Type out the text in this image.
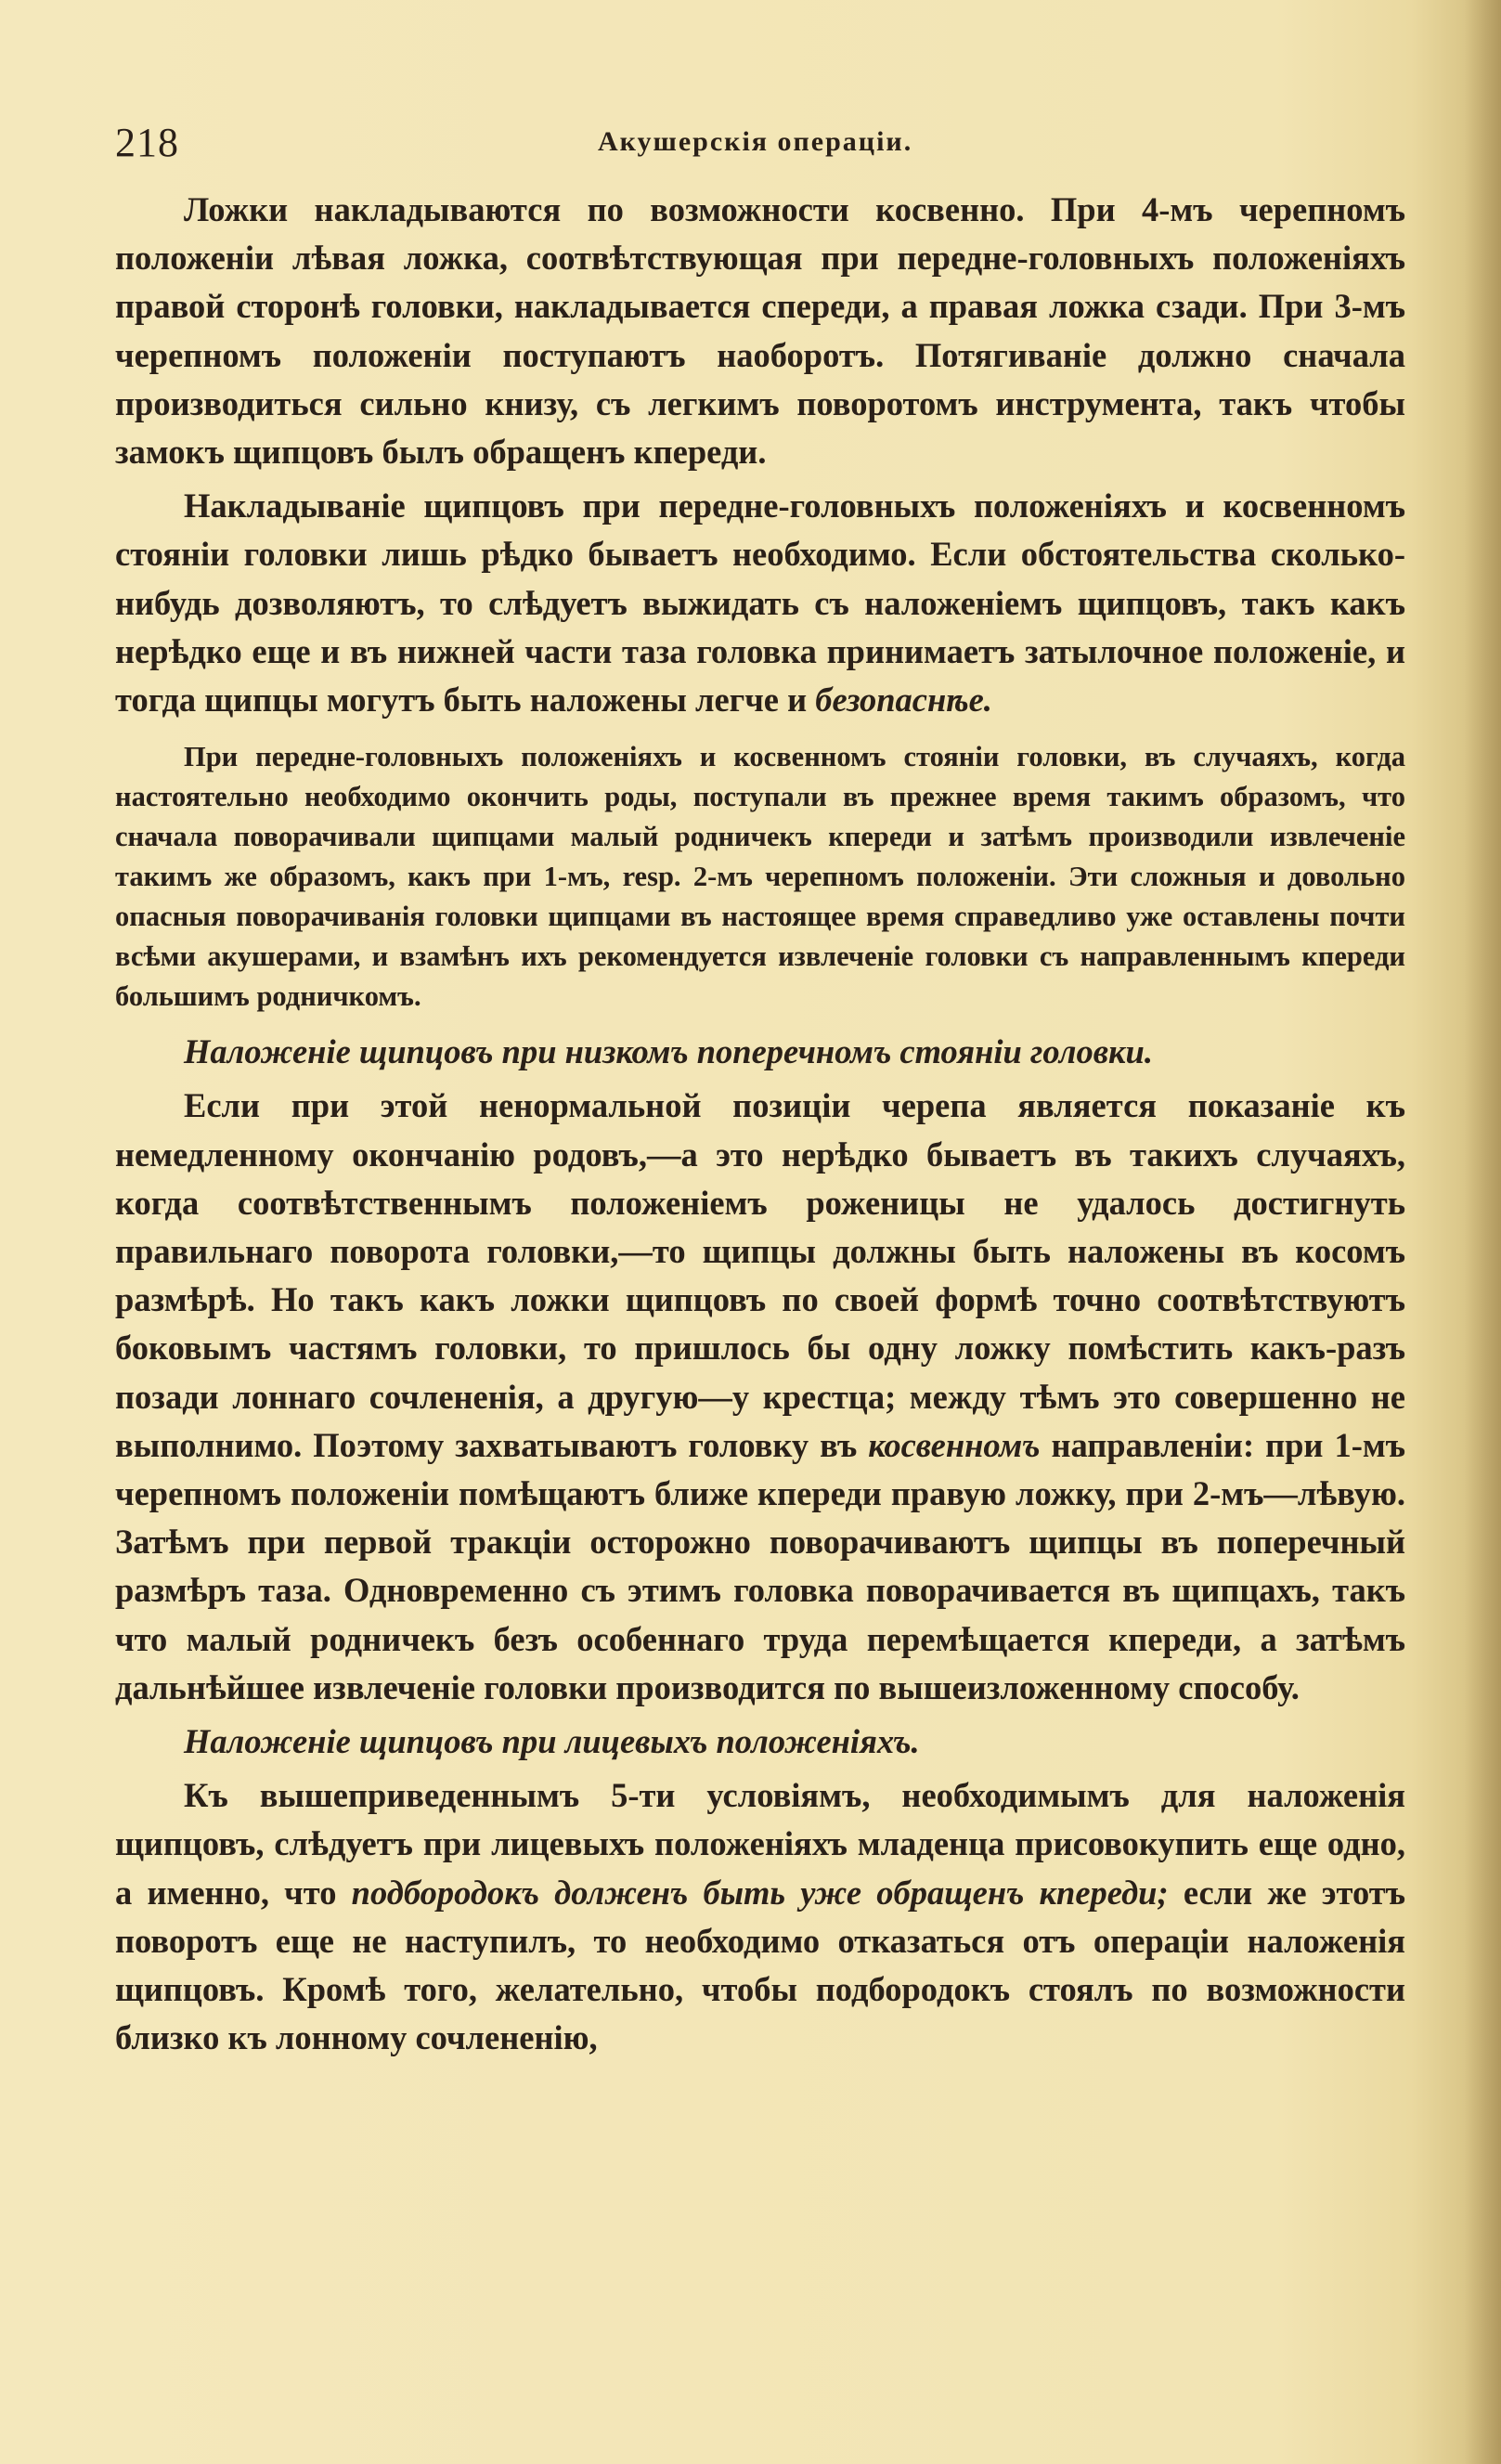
218	Акушерскія операціи.

Ложки накладываются по возможности косвенно. При 4-мъ черепномъ положеніи лѣвая ложка, соотвѣтствующая при передне-головныхъ положеніяхъ правой сторонѣ головки, накладывается спереди, а правая ложка сзади. При 3-мъ черепномъ положеніи поступаютъ наоборотъ. Потягиваніе должно сначала производиться сильно книзу, съ легкимъ поворотомъ инструмента, такъ чтобы замокъ щипцовъ былъ обращенъ кпереди.

Накладываніе щипцовъ при передне-головныхъ положеніяхъ и косвенномъ стояніи головки лишь рѣдко бываетъ необходимо. Если обстоятельства сколько-нибудь дозволяютъ, то слѣдуетъ выжидать съ наложеніемъ щипцовъ, такъ какъ нерѣдко еще и въ нижней части таза головка принимаетъ затылочное положеніе, и тогда щипцы могутъ быть наложены легче и безопаснѣе.

При передне-головныхъ положеніяхъ и косвенномъ стояніи головки, въ случаяхъ, когда настоятельно необходимо окончить роды, поступали въ прежнее время такимъ образомъ, что сначала поворачивали щипцами малый родничекъ кпереди и затѣмъ производили извлеченіе такимъ же образомъ, какъ при 1-мъ, resp. 2-мъ черепномъ положеніи. Эти сложныя и довольно опасныя поворачиванія головки щипцами въ настоящее время справедливо уже оставлены почти всѣми акушерами, и взамѣнъ ихъ рекомендуется извлеченіе головки съ направленнымъ кпереди большимъ родничкомъ.

Наложеніе щипцовъ при низкомъ поперечномъ стояніи головки.

Если при этой ненормальной позиціи черепа является показаніе къ немедленному окончанію родовъ,—а это нерѣдко бываетъ въ такихъ случаяхъ, когда соотвѣтственнымъ положеніемъ роженицы не удалось достигнуть правильнаго поворота головки,—то щипцы должны быть наложены въ косомъ размѣрѣ. Но такъ какъ ложки щипцовъ по своей формѣ точно соотвѣтствуютъ боковымъ частямъ головки, то пришлось бы одну ложку помѣстить какъ-разъ позади лоннаго сочлененія, а другую—у крестца; между тѣмъ это совершенно не выполнимо. Поэтому захватываютъ головку въ косвенномъ направленіи: при 1-мъ черепномъ положеніи помѣщаютъ ближе кпереди правую ложку, при 2-мъ—лѣвую. Затѣмъ при первой тракціи осторожно поворачиваютъ щипцы въ поперечный размѣръ таза. Одновременно съ этимъ головка поворачивается въ щипцахъ, такъ что малый родничекъ безъ особеннаго труда перемѣщается кпереди, а затѣмъ дальнѣйшее извлеченіе головки производится по вышеизложенному способу.

Наложеніе щипцовъ при лицевыхъ положеніяхъ.

Къ вышеприведеннымъ 5-ти условіямъ, необходимымъ для наложенія щипцовъ, слѣдуетъ при лицевыхъ положеніяхъ младенца присовокупить еще одно, а именно, что подбородокъ долженъ быть уже обращенъ кпереди; если же этотъ поворотъ еще не наступилъ, то необходимо отказаться отъ операціи наложенія щипцовъ. Кромѣ того, желательно, чтобы подбородокъ стоялъ по возможности близко къ лонному сочлененію,
